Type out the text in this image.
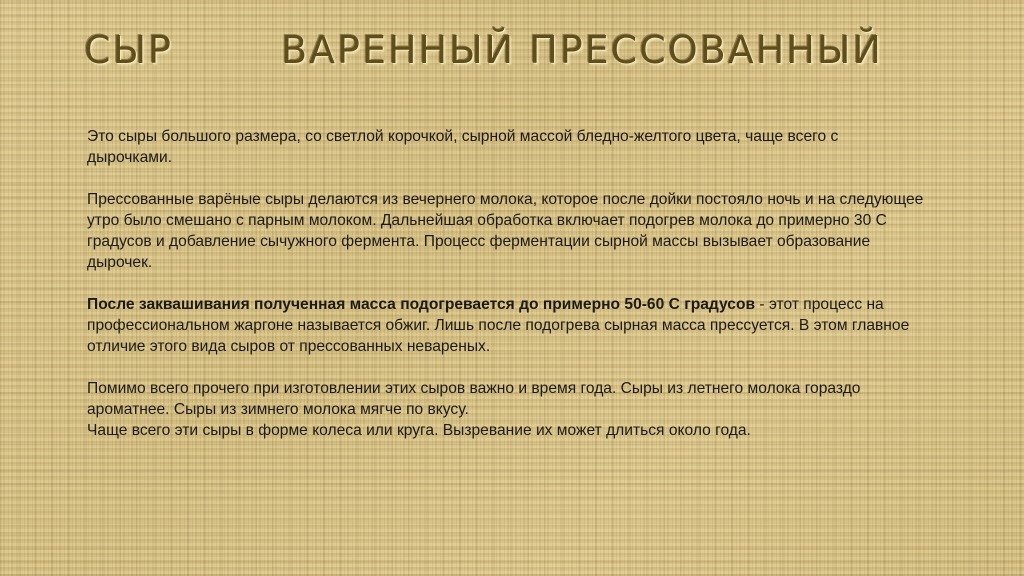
СЫР	ВАРЕННЫЙ ПРЕССОВАННЫЙ

Это сыры большого размера, со светлой корочкой, сырной массой бледно-желтого цвета, чаще всего с дырочками.

Прессованные варёные сыры делаются из вечернего молока, которое после дойки постояло ночь и на следующее утро было смешано с парным молоком. Дальнейшая обработка включает подогрев молока до примерно 30 С градусов и добавление сычужного фермента. Процесс ферментации сырной массы вызывает образование дырочек.

После заквашивания полученная масса подогревается до примерно 50-60 С градусов - этот процесс на профессиональном жаргоне называется обжиг. Лишь после подогрева сырная масса прессуется. В этом главное отличие этого вида сыров от прессованных невареных.

Помимо всего прочего при изготовлении этих сыров важно и время года. Сыры из летнего молока гораздо ароматнее. Сыры из зимнего молока мягче по вкусу.

Чаще всего эти сыры в форме колеса или круга. Вызревание их может длиться около года.
